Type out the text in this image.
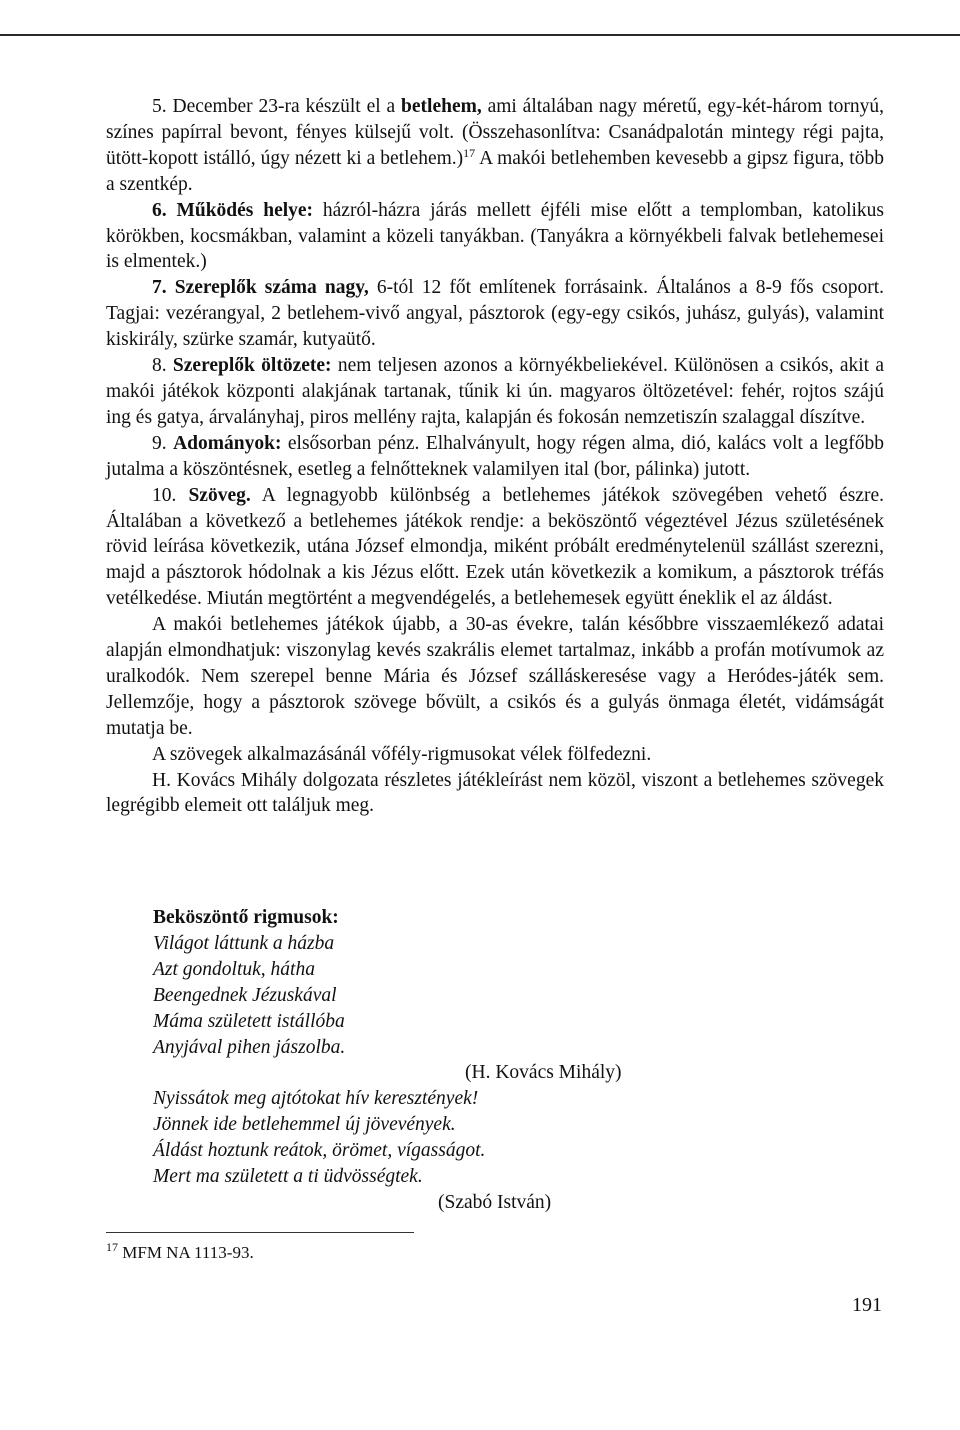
5. December 23-ra készült el a betlehem, ami általában nagy méretű, egy-két-három tornyú, színes papírral bevont, fényes külsejű volt. (Összehasonlítva: Csanádpalotán mintegy régi pajta, ütött-kopott istálló, úgy nézett ki a betlehem.)$^{17}$ A makói betlehemben kevesebb a gipsz figura, több a szentkép.

6. Működés helye: házról-házra járás mellett éjféli mise előtt a templomban, katolikus körökben, kocsmákban, valamint a közeli tanyákban. (Tanyákra a környékbeli falvak betlehemesei is elmentek.)

7. Szereplők száma nagy, 6-tól 12 főt említenek forrásaink. Általános a 8-9 fős csoport. Tagjai: vezérangyal, 2 betlehem-vivő angyal, pásztorok (egy-egy csikós, juhász, gulyás), valamint kiskirály, szürke szamár, kutyaütő.

8. Szereplők öltözete: nem teljesen azonos a környékbeliekével. Különösen a csikós, akit a makói játékok központi alakjának tartanak, tűnik ki ún. magyaros öltözetével: fehér, rojtos szájú ing és gatya, árvalányhaj, piros mellény rajta, kalapján és fokosán nemzetiszín szalaggal díszítve.

9. Adományok: elsősorban pénz. Elhalványult, hogy régen alma, dió, kalács volt a legfőbb jutalma a köszöntésnek, esetleg a felnőtteknek valamilyen ital (bor, pálinka) jutott.

10. Szöveg. A legnagyobb különbség a betlehemes játékok szövegében vehető észre. Általában a következő a betlehemes játékok rendje: a beköszöntő végeztével Jézus születésének rövid leírása következik, utána József elmondja, miként próbált eredménytelenül szállást szerezni, majd a pásztorok hódolnak a kis Jézus előtt. Ezek után következik a komikum, a pásztorok tréfás vetélkedése. Miután megtörtént a megvendégelés, a betlehemesek együtt éneklik el az áldást.

A makói betlehemes játékok újabb, a 30-as évekre, talán későbbre visszaemlékező adatai alapján elmondhatjuk: viszonylag kevés szakrális elemet tartalmaz, inkább a profán motívumok az uralkodók. Nem szerepel benne Mária és József szálláskeresése vagy a Heródes-játék sem. Jellemzője, hogy a pásztorok szövege bővült, a csikós és a gulyás önmaga életét, vidámságát mutatja be.

A szövegek alkalmazásánál vőfély-rigmusokat vélek fölfedezni.

H. Kovács Mihály dolgozata részletes játékleírást nem közöl, viszont a betlehemes szövegek legrégibb elemeit ott találjuk meg.

Beköszöntő rigmusok:
Világot láttunk a házba
Azt gondoltuk, hátha
Beengednek Jézuskával
Máma született istállóba
Anyjával pihen jászolba.
(H. Kovács Mihály)
Nyissátok meg ajtótokat hív keresztények!
Jönnek ide betlehemmel új jövevények.
Áldást hoztunk reátok, örömet, vígasságot.
Mert ma született a ti üdvösségtek.
(Szabó István)
$^{17}$ MFM NA 1113-93.
191
